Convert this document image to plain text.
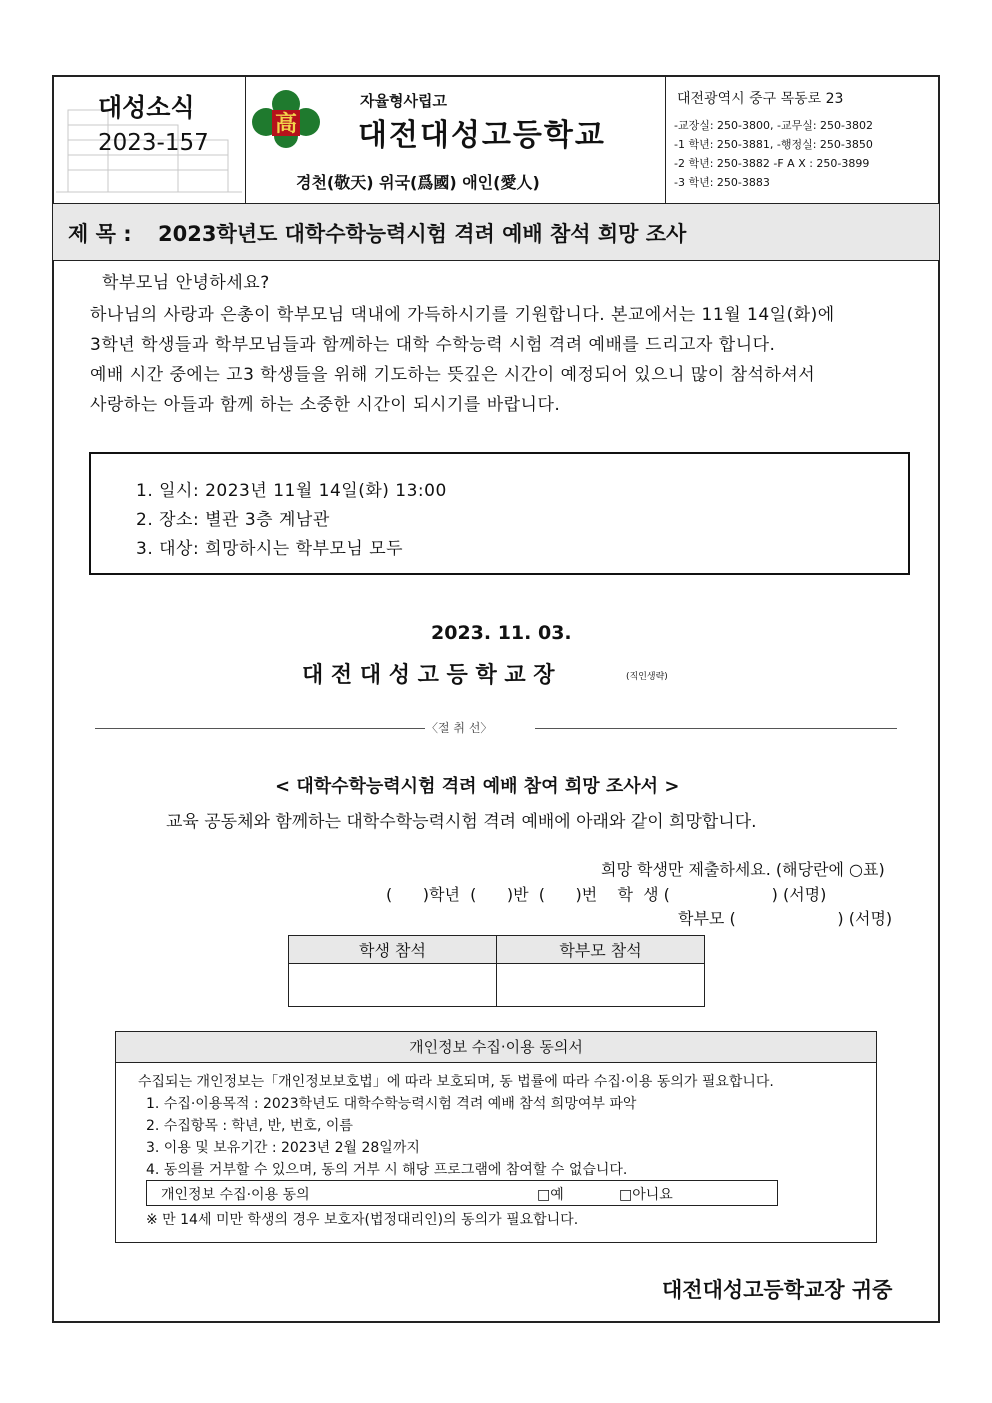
대성소식
2023-157
高
자율형사립고
대전대성고등학교
경천(敬天) 위국(爲國) 애인(愛人)
대전광역시 중구 목동로 23
-교장실: 250-3800, -교무실: 250-3802
-1 학년: 250-3881, -행정실: 250-3850
-2 학년: 250-3882 -F A X : 250-3899
-3 학년: 250-3883
제 목 : 2023학년도 대학수학능력시험 격려 예배 참석 희망 조사
학부모님 안녕하세요?
하나님의 사랑과 은총이 학부모님 댁내에 가득하시기를 기원합니다. 본교에서는 11월 14일(화)에
3학년 학생들과 학부모님들과 함께하는 대학 수학능력 시험 격려 예배를 드리고자 합니다.
예배 시간 중에는 고3 학생들을 위해 기도하는 뜻깊은 시간이 예정되어 있으니 많이 참석하셔서
사랑하는 아들과 함께 하는 소중한 시간이 되시기를 바랍니다.
1. 일시: 2023년 11월 14일(화) 13:00
2. 장소: 별관 3층 계남관
3. 대상: 희망하시는 학부모님 모두
2023. 11. 03.
대 전 대 성 고 등 학 교 장	(직인생략)
〈절 취 선〉
< 대학수학능력시험 격려 예배 참여 희망 조사서 >
교육 공동체와 함께하는 대학수학능력시험 격려 예배에 아래와 같이 희망합니다.
희망 학생만 제출하세요. (해당란에 ○표)
(      )학년  (      )반  (      )번    학  생 (                    ) (서명)
학부모 (                    ) (서명)
학생 참석	학부모 참석

개인정보 수집·이용 동의서
수집되는 개인정보는「개인정보보호법」에 따라 보호되며, 동 법률에 따라 수집·이용 동의가 필요합니다.
1. 수집·이용목적 : 2023학년도 대학수학능력시험 격려 예배 참석 희망여부 파악
2. 수집항목 : 학년, 반, 번호, 이름
3. 이용 및 보유기간 : 2023년 2월 28일까지
4. 동의를 거부할 수 있으며, 동의 거부 시 해당 프로그램에 참여할 수 없습니다.
개인정보 수집·이용 동의	□예	□아니요
※ 만 14세 미만 학생의 경우 보호자(법정대리인)의 동의가 필요합니다.
대전대성고등학교장 귀중
